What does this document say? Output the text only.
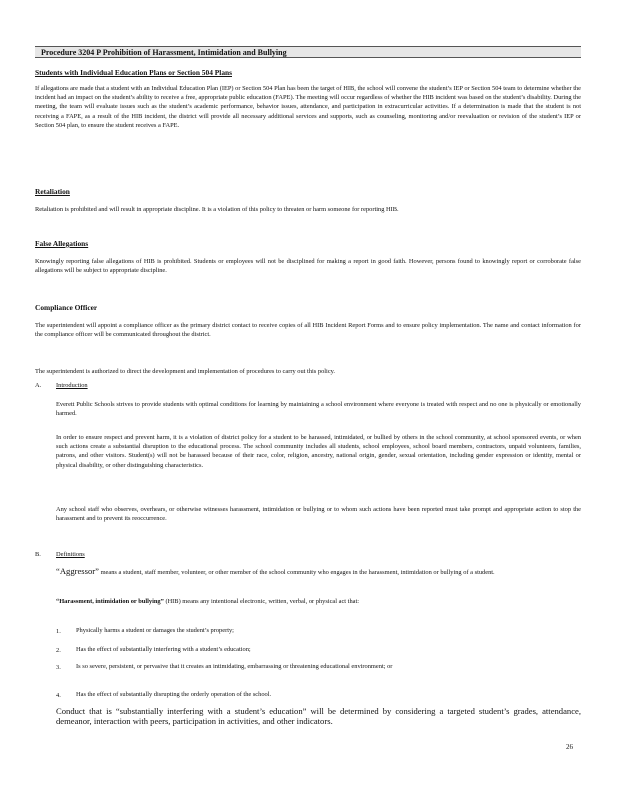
Procedure 3204 P Prohibition of Harassment, Intimidation and Bullying
Students with Individual Education Plans or Section 504 Plans
If allegations are made that a student with an Individual Education Plan (IEP) or Section 504 Plan has been the target of HIB, the school will convene the student’s IEP or Section 504 team to determine whether the incident had an impact on the student’s ability to receive a free, appropriate public education (FAPE). The meeting will occur regardless of whether the HIB incident was based on the student’s disability. During the meeting, the team will evaluate issues such as the student’s academic performance, behavior issues, attendance, and participation in extracurricular activities. If a determination is made that the student is not receiving a FAPE, as a result of the HIB incident, the district will provide all necessary additional services and supports, such as counseling, monitoring and/or reevaluation or revision of the student’s IEP or Section 504 plan, to ensure the student receives a FAPE.
Retaliation
Retaliation is prohibited and will result in appropriate discipline. It is a violation of this policy to threaten or harm someone for reporting HIB.
False Allegations
Knowingly reporting false allegations of HIB is prohibited. Students or employees will not be disciplined for making a report in good faith. However, persons found to knowingly report or corroborate false allegations will be subject to appropriate discipline.
Compliance Officer
The superintendent will appoint a compliance officer as the primary district contact to receive copies of all HIB Incident Report Forms and to ensure policy implementation. The name and contact information for the compliance officer will be communicated throughout the district.
The superintendent is authorized to direct the development and implementation of procedures to carry out this policy.
A. Introduction
Everett Public Schools strives to provide students with optimal conditions for learning by maintaining a school environment where everyone is treated with respect and no one is physically or emotionally harmed.
In order to ensure respect and prevent harm, it is a violation of district policy for a student to be harassed, intimidated, or bullied by others in the school community, at school sponsored events, or when such actions create a substantial disruption to the educational process. The school community includes all students, school employees, school board members, contractors, unpaid volunteers, families, patrons, and other visitors. Student(s) will not be harassed because of their race, color, religion, ancestry, national origin, gender, sexual orientation, including gender expression or identity, mental or physical disability, or other distinguishing characteristics.
Any school staff who observes, overhears, or otherwise witnesses harassment, intimidation or bullying or to whom such actions have been reported must take prompt and appropriate action to stop the harassment and to prevent its reoccurrence.
B. Definitions
“Aggressor” means a student, staff member, volunteer, or other member of the school community who engages in the harassment, intimidation or bullying of a student.
“Harassment, intimidation or bullying” (HIB) means any intentional electronic, written, verbal, or physical act that:
1. Physically harms a student or damages the student’s property;
2. Has the effect of substantially interfering with a student’s education;
3. Is so severe, persistent, or pervasive that it creates an intimidating, embarrassing or threatening educational environment; or
4. Has the effect of substantially disrupting the orderly operation of the school.
Conduct that is “substantially interfering with a student’s education” will be determined by considering a targeted student’s grades, attendance, demeanor, interaction with peers, participation in activities, and other indicators.
26
